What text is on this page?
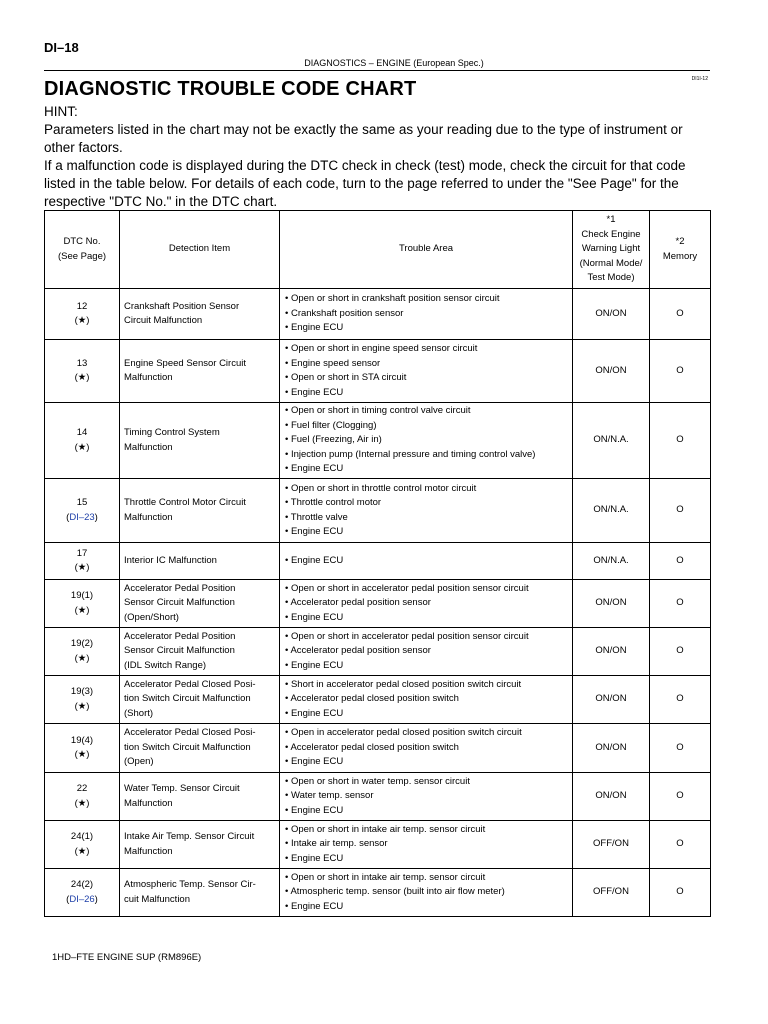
DI–18
DIAGNOSTICS – ENGINE (European Spec.)
DI1I-12
DIAGNOSTIC TROUBLE CODE CHART
HINT:

Parameters listed in the chart may not be exactly the same as your reading due to the type of instrument or other factors.

If a malfunction code is displayed during the DTC check in check (test) mode, check the circuit for that code listed in the table below. For details of each code, turn to the page referred to under the "See Page" for the respective "DTC No." in the DTC chart.

DTC No.
(See Page)	Detection Item	Trouble Area	*1
Check Engine
Warning Light
(Normal Mode/
Test Mode)	*2
Memory

12
(★)	Crankshaft Position Sensor
Circuit Malfunction	• Open or short in crankshaft position sensor circuit
• Crankshaft position sensor
• Engine ECU	ON/ON	O

13
(★)	Engine Speed Sensor Circuit
Malfunction	• Open or short in engine speed sensor circuit
• Engine speed sensor
• Open or short in STA circuit
• Engine ECU	ON/ON	O

14
(★)	Timing Control System
Malfunction	• Open or short in timing control valve circuit
• Fuel filter (Clogging)
• Fuel (Freezing, Air in)
• Injection pump (Internal pressure and timing control valve)
• Engine ECU	ON/N.A.	O

15
(DI–23)	Throttle Control Motor Circuit
Malfunction	• Open or short in throttle control motor circuit
• Throttle control motor
• Throttle valve
• Engine ECU	ON/N.A.	O

17
(★)	Interior IC Malfunction	• Engine ECU	ON/N.A.	O

19(1)
(★)	Accelerator Pedal Position
Sensor Circuit Malfunction
(Open/Short)	• Open or short in accelerator pedal position sensor circuit
• Accelerator pedal position sensor
• Engine ECU	ON/ON	O

19(2)
(★)	Accelerator Pedal Position
Sensor Circuit Malfunction
(IDL Switch Range)	• Open or short in accelerator pedal position sensor circuit
• Accelerator pedal position sensor
• Engine ECU	ON/ON	O

19(3)
(★)	Accelerator Pedal Closed Posi-
tion Switch Circuit Malfunction
(Short)	• Short in accelerator pedal closed position switch circuit
• Accelerator pedal closed position switch
• Engine ECU	ON/ON	O

19(4)
(★)	Accelerator Pedal Closed Posi-
tion Switch Circuit Malfunction
(Open)	• Open in accelerator pedal closed position switch circuit
• Accelerator pedal closed position switch
• Engine ECU	ON/ON	O

22
(★)	Water Temp. Sensor Circuit
Malfunction	• Open or short in water temp. sensor circuit
• Water temp. sensor
• Engine ECU	ON/ON	O

24(1)
(★)	Intake Air Temp. Sensor Circuit
Malfunction	• Open or short in intake air temp. sensor circuit
• Intake air temp. sensor
• Engine ECU	OFF/ON	O

24(2)
(DI–26)	Atmospheric Temp. Sensor Cir-
cuit Malfunction	• Open or short in intake air temp. sensor circuit
• Atmospheric temp. sensor (built into air flow meter)
• Engine ECU	OFF/ON	O
1HD–FTE ENGINE SUP (RM896E)
